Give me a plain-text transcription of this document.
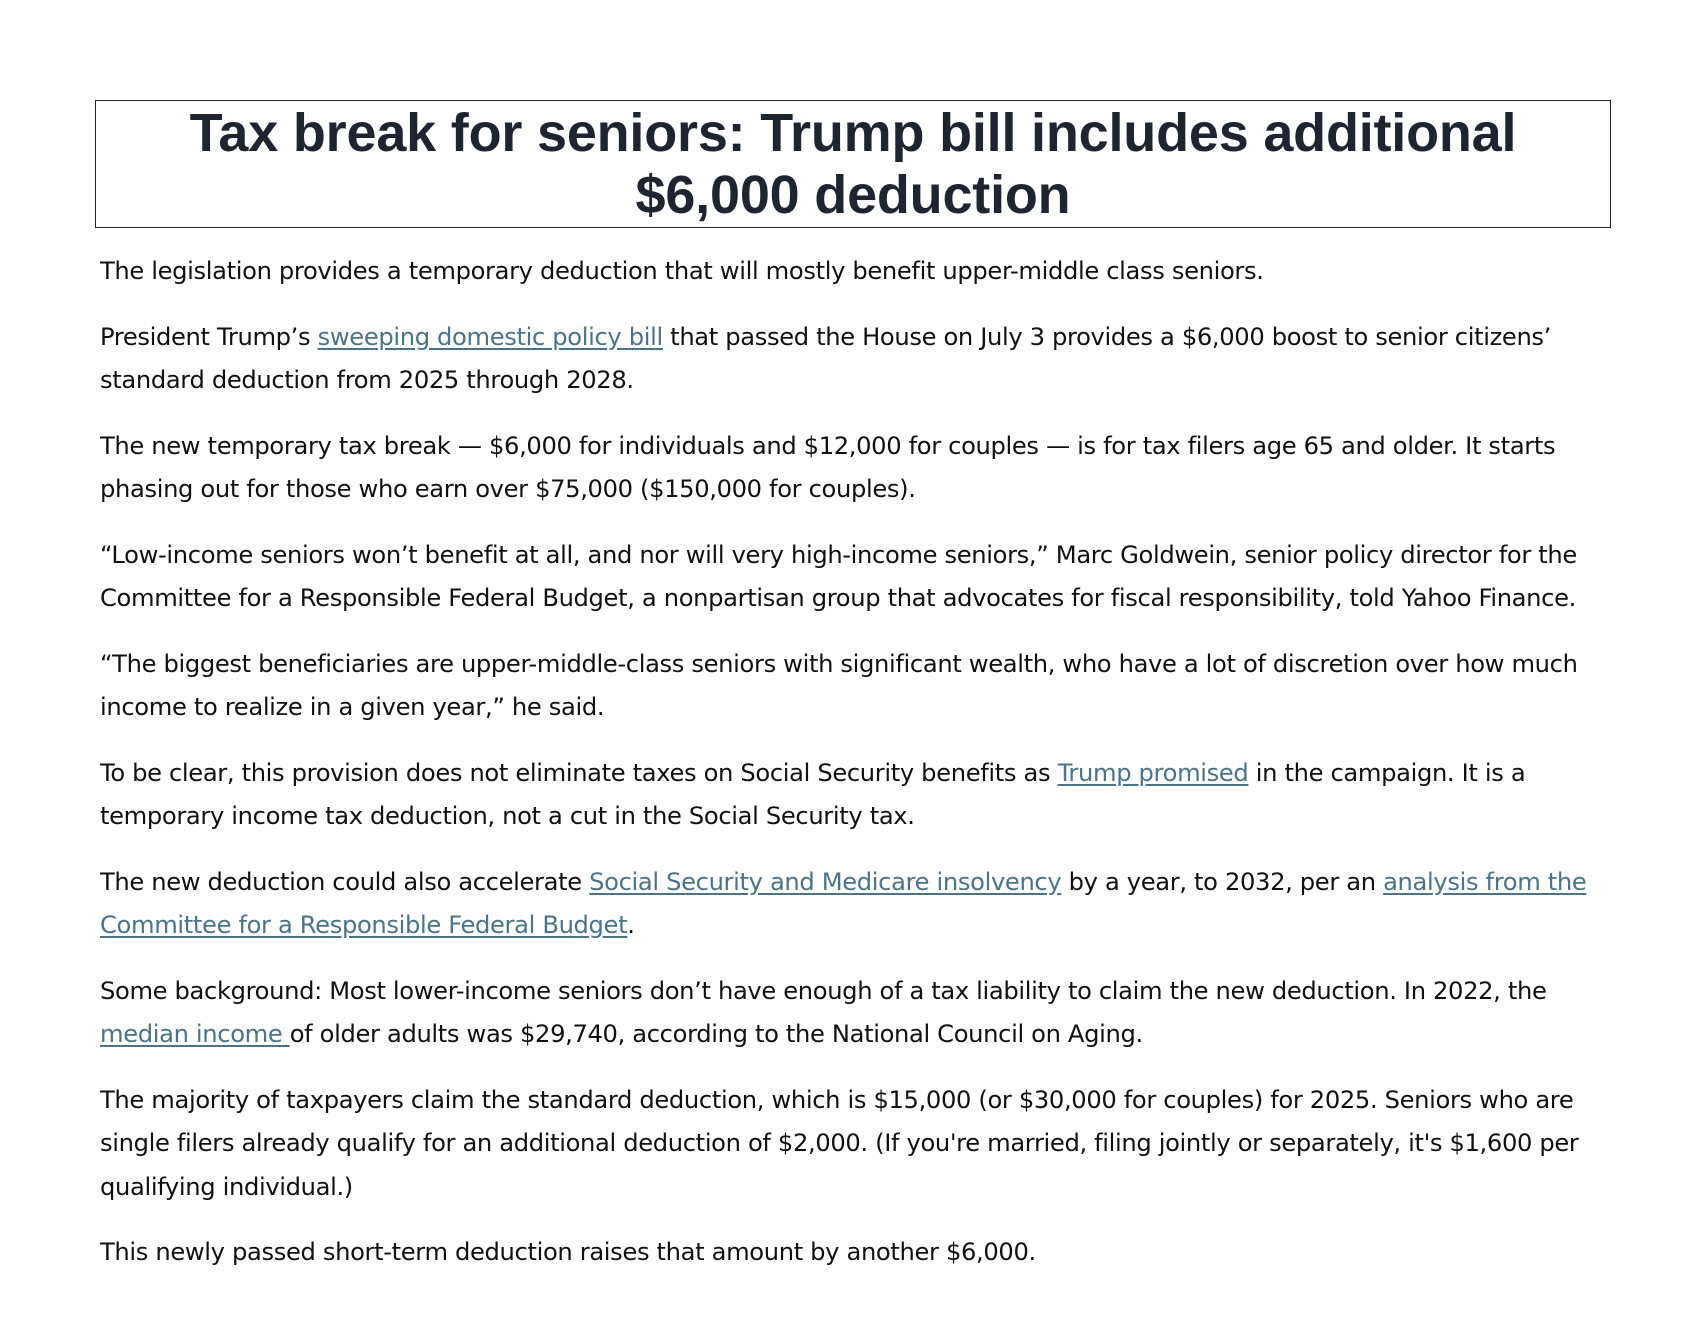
Tax break for seniors: Trump bill includes additional
$6,000 deduction

The legislation provides a temporary deduction that will mostly benefit upper-middle class seniors.

President Trump’s sweeping domestic policy bill that passed the House on July 3 provides a $6,000 boost to senior citizens’ standard deduction from 2025 through 2028.

The new temporary tax break — $6,000 for individuals and $12,000 for couples — is for tax filers age 65 and older. It starts phasing out for those who earn over $75,000 ($150,000 for couples).

“Low-income seniors won’t benefit at all, and nor will very high-income seniors,” Marc Goldwein, senior policy director for the Committee for a Responsible Federal Budget, a nonpartisan group that advocates for fiscal responsibility, told Yahoo Finance.

“The biggest beneficiaries are upper-middle-class seniors with significant wealth, who have a lot of discretion over how much income to realize in a given year,” he said.

To be clear, this provision does not eliminate taxes on Social Security benefits as Trump promised in the campaign. It is a temporary income tax deduction, not a cut in the Social Security tax.

The new deduction could also accelerate Social Security and Medicare insolvency by a year, to 2032, per an analysis from the Committee for a Responsible Federal Budget.

Some background: Most lower-income seniors don’t have enough of a tax liability to claim the new deduction. In 2022, the median income of older adults was $29,740, according to the National Council on Aging.

The majority of taxpayers claim the standard deduction, which is $15,000 (or $30,000 for couples) for 2025. Seniors who are single filers already qualify for an additional deduction of $2,000. (If you're married, filing jointly or separately, it's $1,600 per qualifying individual.)

This newly passed short-term deduction raises that amount by another $6,000.
